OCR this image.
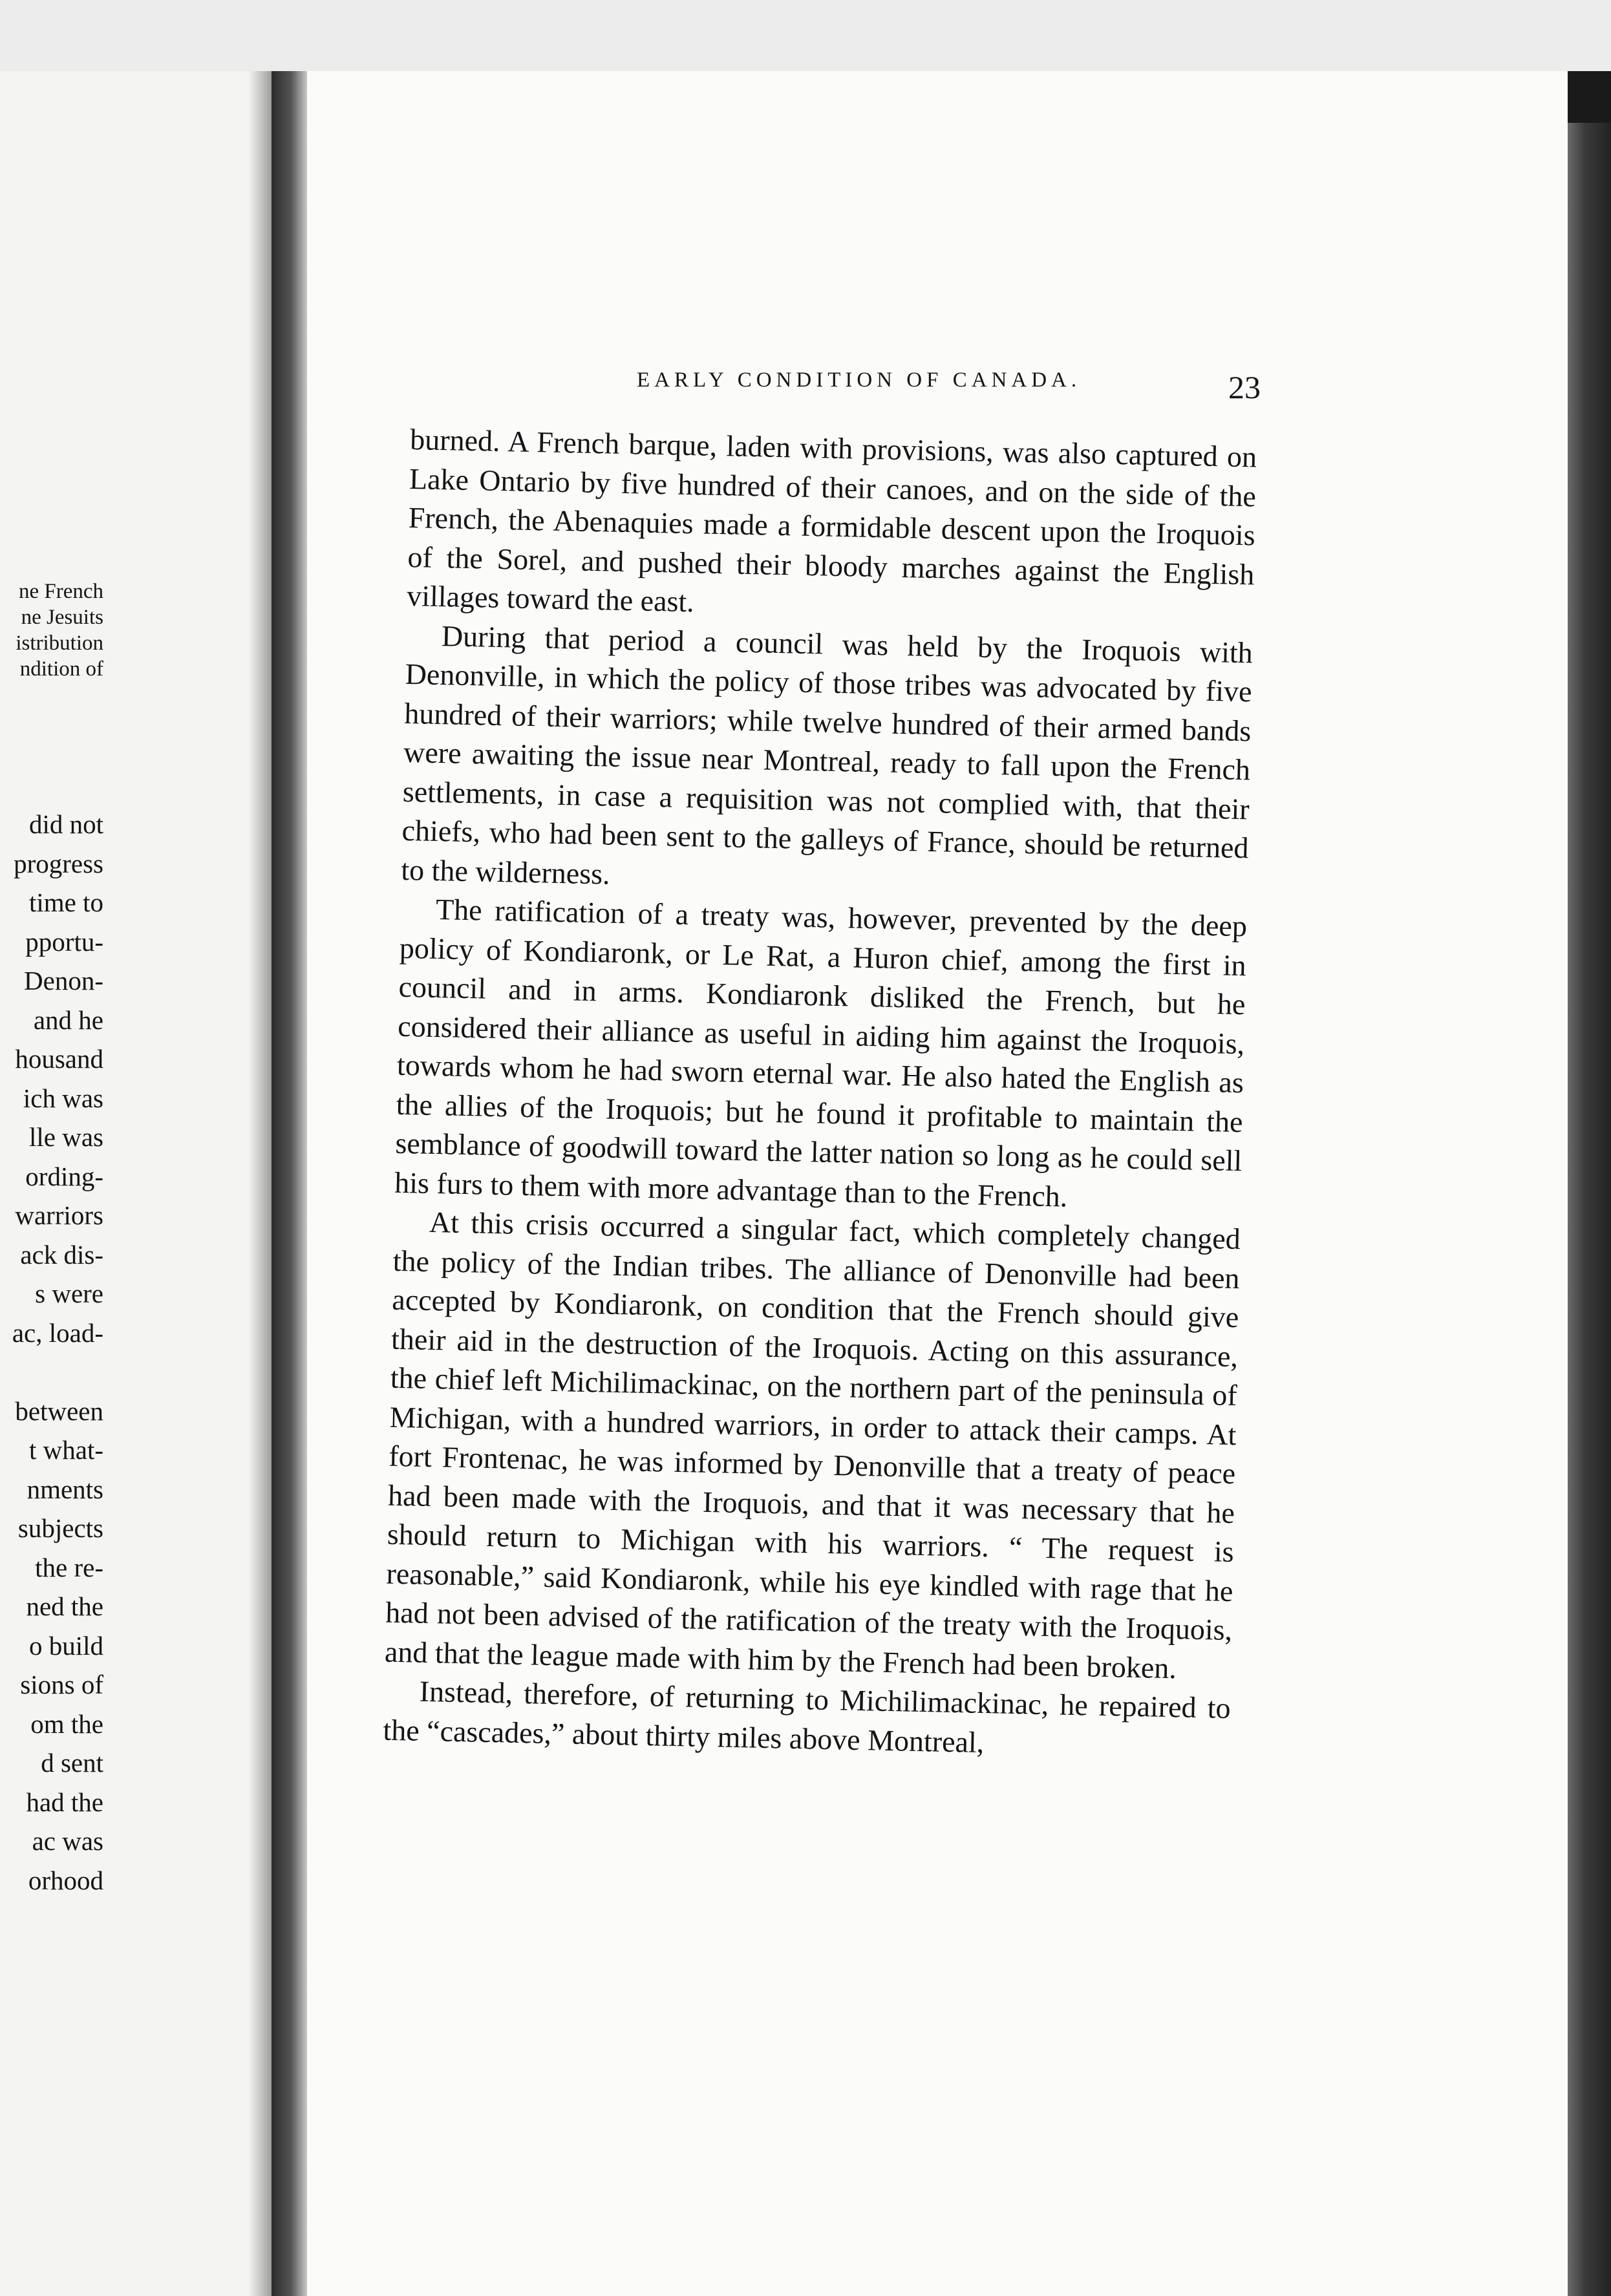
ne French
ne Jesuits
istribution
ndition of
did not
progress
time to
pportu-
Denon-
and he
housand
ich was
lle was
ording-
warriors
ack dis-
s were
ac, load-

between
t what-
nments
subjects
the re-
ned the
o build
sions of
om the
d sent
had the
ac was
orhood
EARLY CONDITION OF CANADA.	23

burned. A French barque, laden with provisions, was also captured on Lake Ontario by five hundred of their canoes, and on the side of the French, the Abenaquies made a formidable descent upon the Iroquois of the Sorel, and pushed their bloody marches against the English villages toward the east.

During that period a council was held by the Iroquois with Denonville, in which the policy of those tribes was advocated by five hundred of their warriors; while twelve hundred of their armed bands were awaiting the issue near Montreal, ready to fall upon the French settlements, in case a requisition was not complied with, that their chiefs, who had been sent to the galleys of France, should be returned to the wilderness.

The ratification of a treaty was, however, prevented by the deep policy of Kondiaronk, or Le Rat, a Huron chief, among the first in council and in arms. Kondiaronk disliked the French, but he considered their alliance as useful in aiding him against the Iroquois, towards whom he had sworn eternal war. He also hated the English as the allies of the Iroquois; but he found it profitable to maintain the semblance of goodwill toward the latter nation so long as he could sell his furs to them with more advantage than to the French.

At this crisis occurred a singular fact, which completely changed the policy of the Indian tribes. The alliance of Denonville had been accepted by Kondiaronk, on condition that the French should give their aid in the destruction of the Iroquois. Acting on this assurance, the chief left Michilimackinac, on the northern part of the peninsula of Michigan, with a hundred warriors, in order to attack their camps. At fort Frontenac, he was informed by Denonville that a treaty of peace had been made with the Iroquois, and that it was necessary that he should return to Michigan with his warriors. “ The request is reasonable,” said Kondiaronk, while his eye kindled with rage that he had not been advised of the ratification of the treaty with the Iroquois, and that the league made with him by the French had been broken.

Instead, therefore, of returning to Michilimackinac, he repaired to the “cascades,” about thirty miles above Montreal,
